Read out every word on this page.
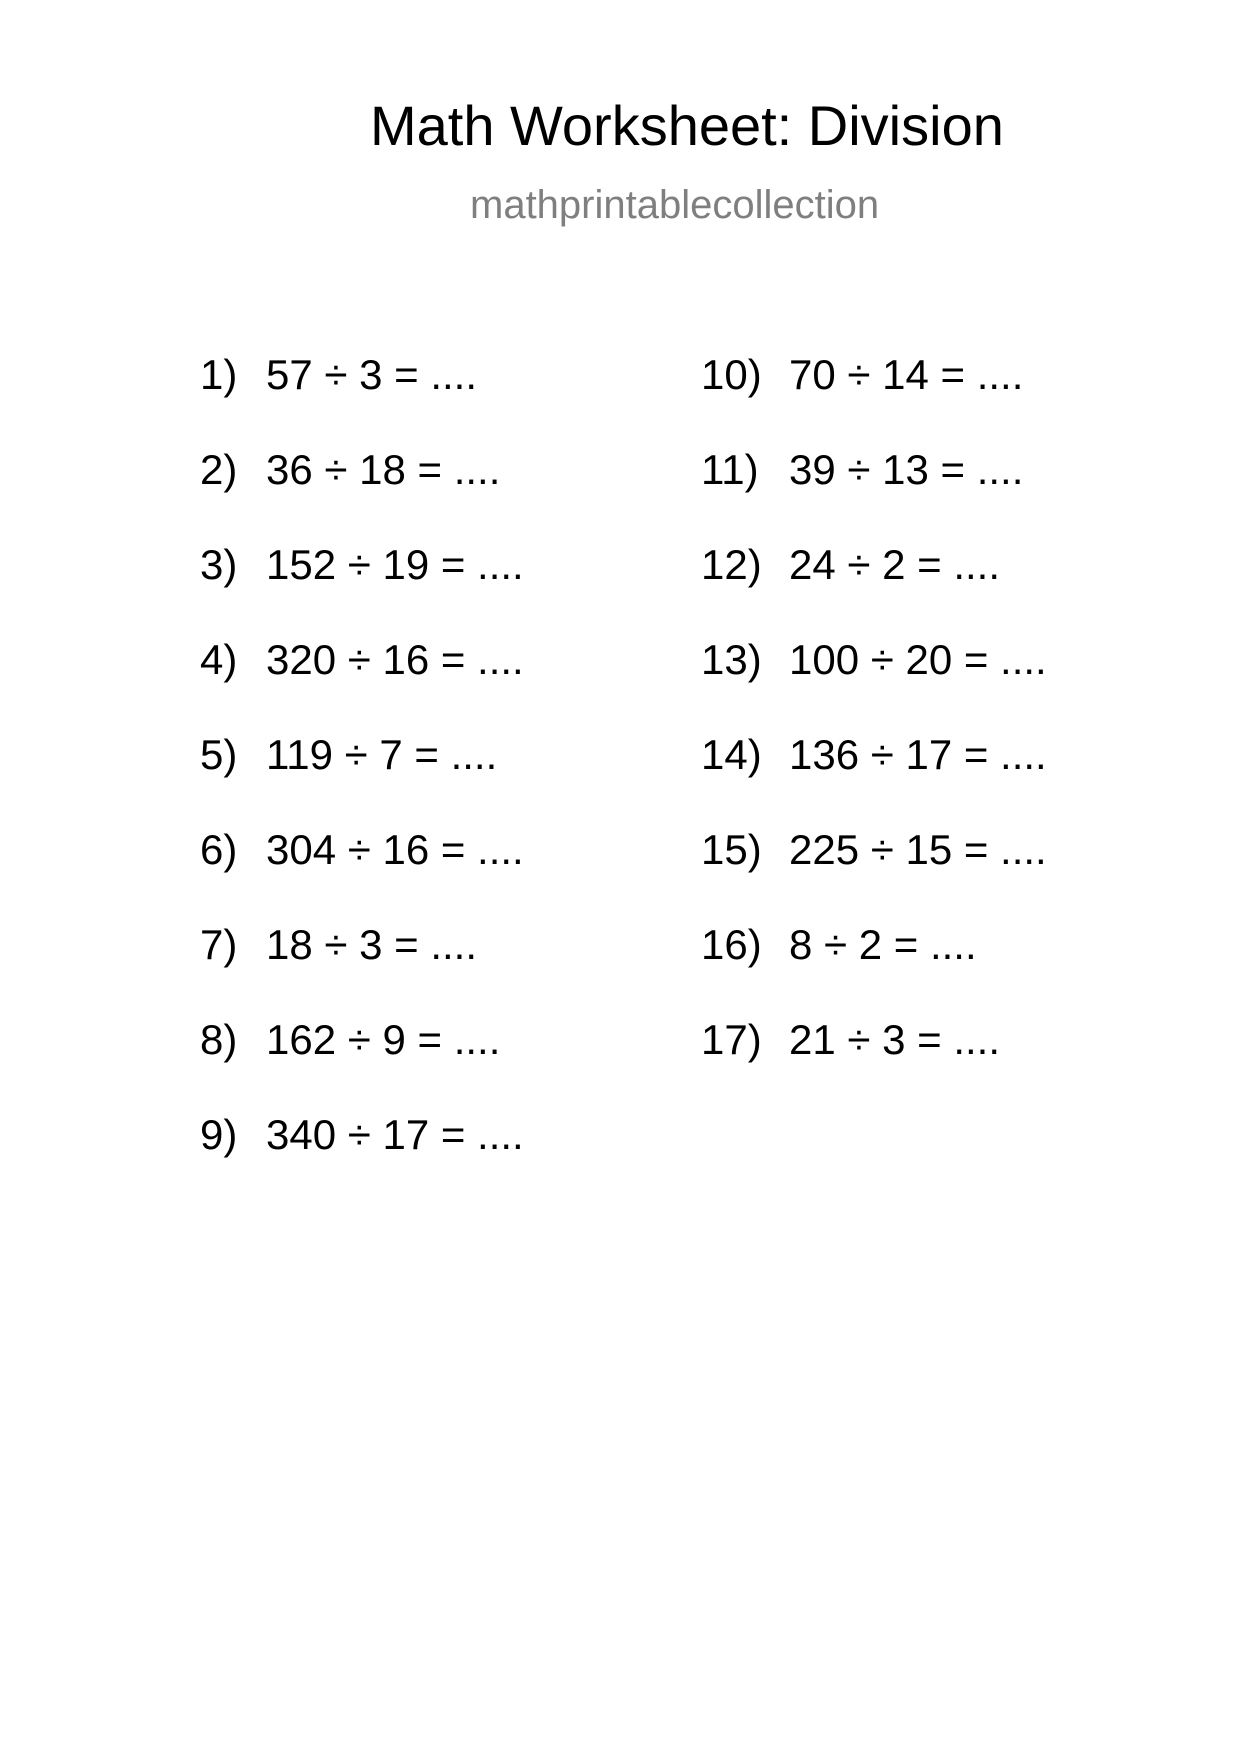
Math Worksheet: Division
mathprintablecollection
1) 57 ÷ 3 = ....
2) 36 ÷ 18 = ....
3) 152 ÷ 19 = ....
4) 320 ÷ 16 = ....
5) 119 ÷ 7 = ....
6) 304 ÷ 16 = ....
7) 18 ÷ 3 = ....
8) 162 ÷ 9 = ....
9) 340 ÷ 17 = ....
10) 70 ÷ 14 = ....
11) 39 ÷ 13 = ....
12) 24 ÷ 2 = ....
13) 100 ÷ 20 = ....
14) 136 ÷ 17 = ....
15) 225 ÷ 15 = ....
16) 8 ÷ 2 = ....
17) 21 ÷ 3 = ....
